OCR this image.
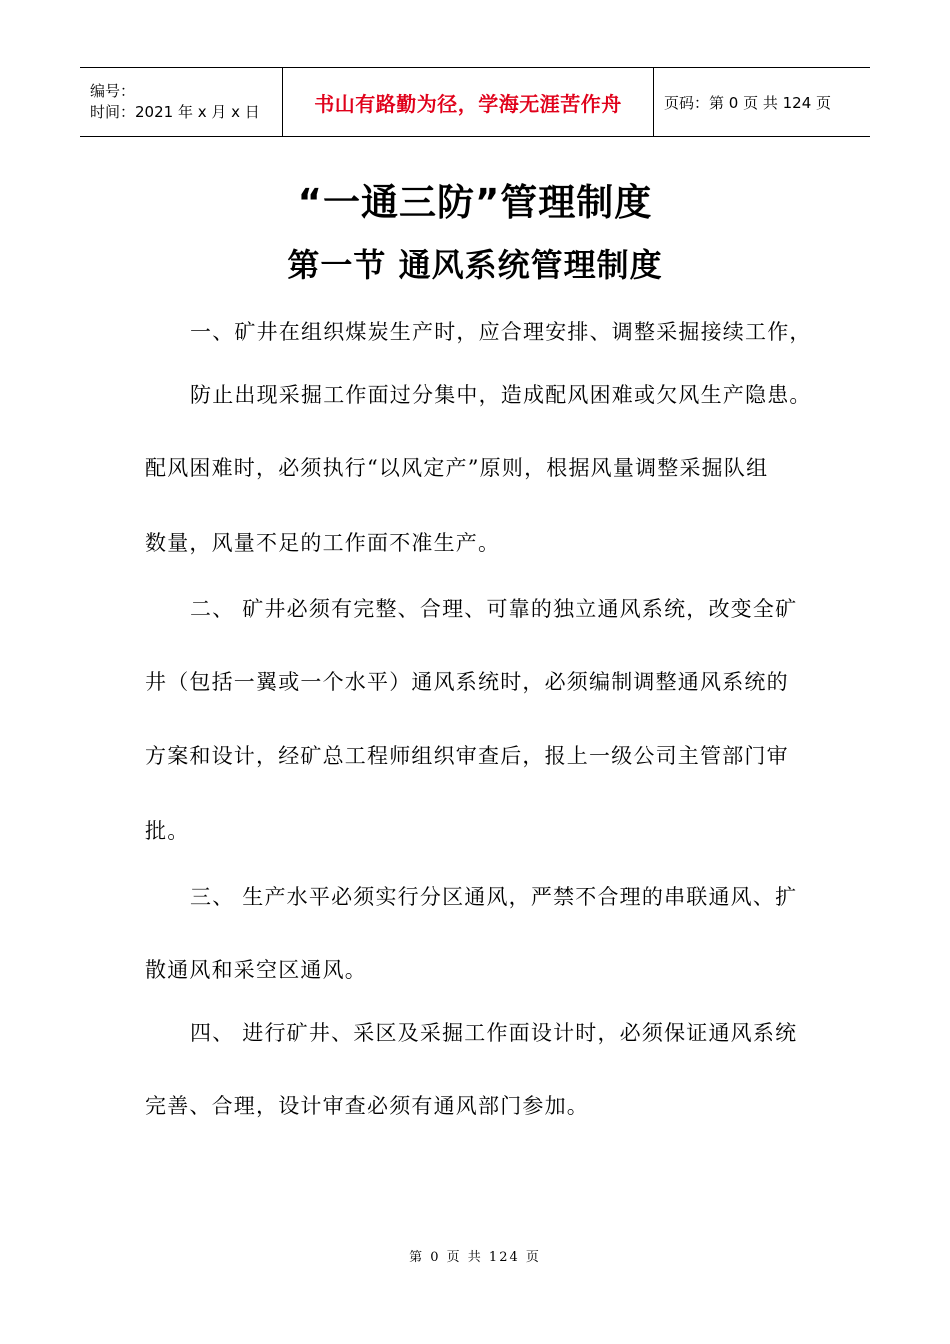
编号：
时间：2021 年 x 月 x 日	书山有路勤为径，学海无涯苦作舟	页码：第 0 页 共 124 页
“一通三防”管理制度
第一节 通风系统管理制度
一、矿井在组织煤炭生产时，应合理安排、调整采掘接续工作，
防止出现采掘工作面过分集中，造成配风困难或欠风生产隐患。
配风困难时，必须执行“以风定产”原则，根据风量调整采掘队组
数量，风量不足的工作面不准生产。
二、 矿井必须有完整、合理、可靠的独立通风系统，改变全矿
井（包括一翼或一个水平）通风系统时，必须编制调整通风系统的
方案和设计，经矿总工程师组织审查后，报上一级公司主管部门审
批。
三、 生产水平必须实行分区通风，严禁不合理的串联通风、扩
散通风和采空区通风。
四、 进行矿井、采区及采掘工作面设计时，必须保证通风系统
完善、合理，设计审查必须有通风部门参加。
第 0 页 共 124 页
